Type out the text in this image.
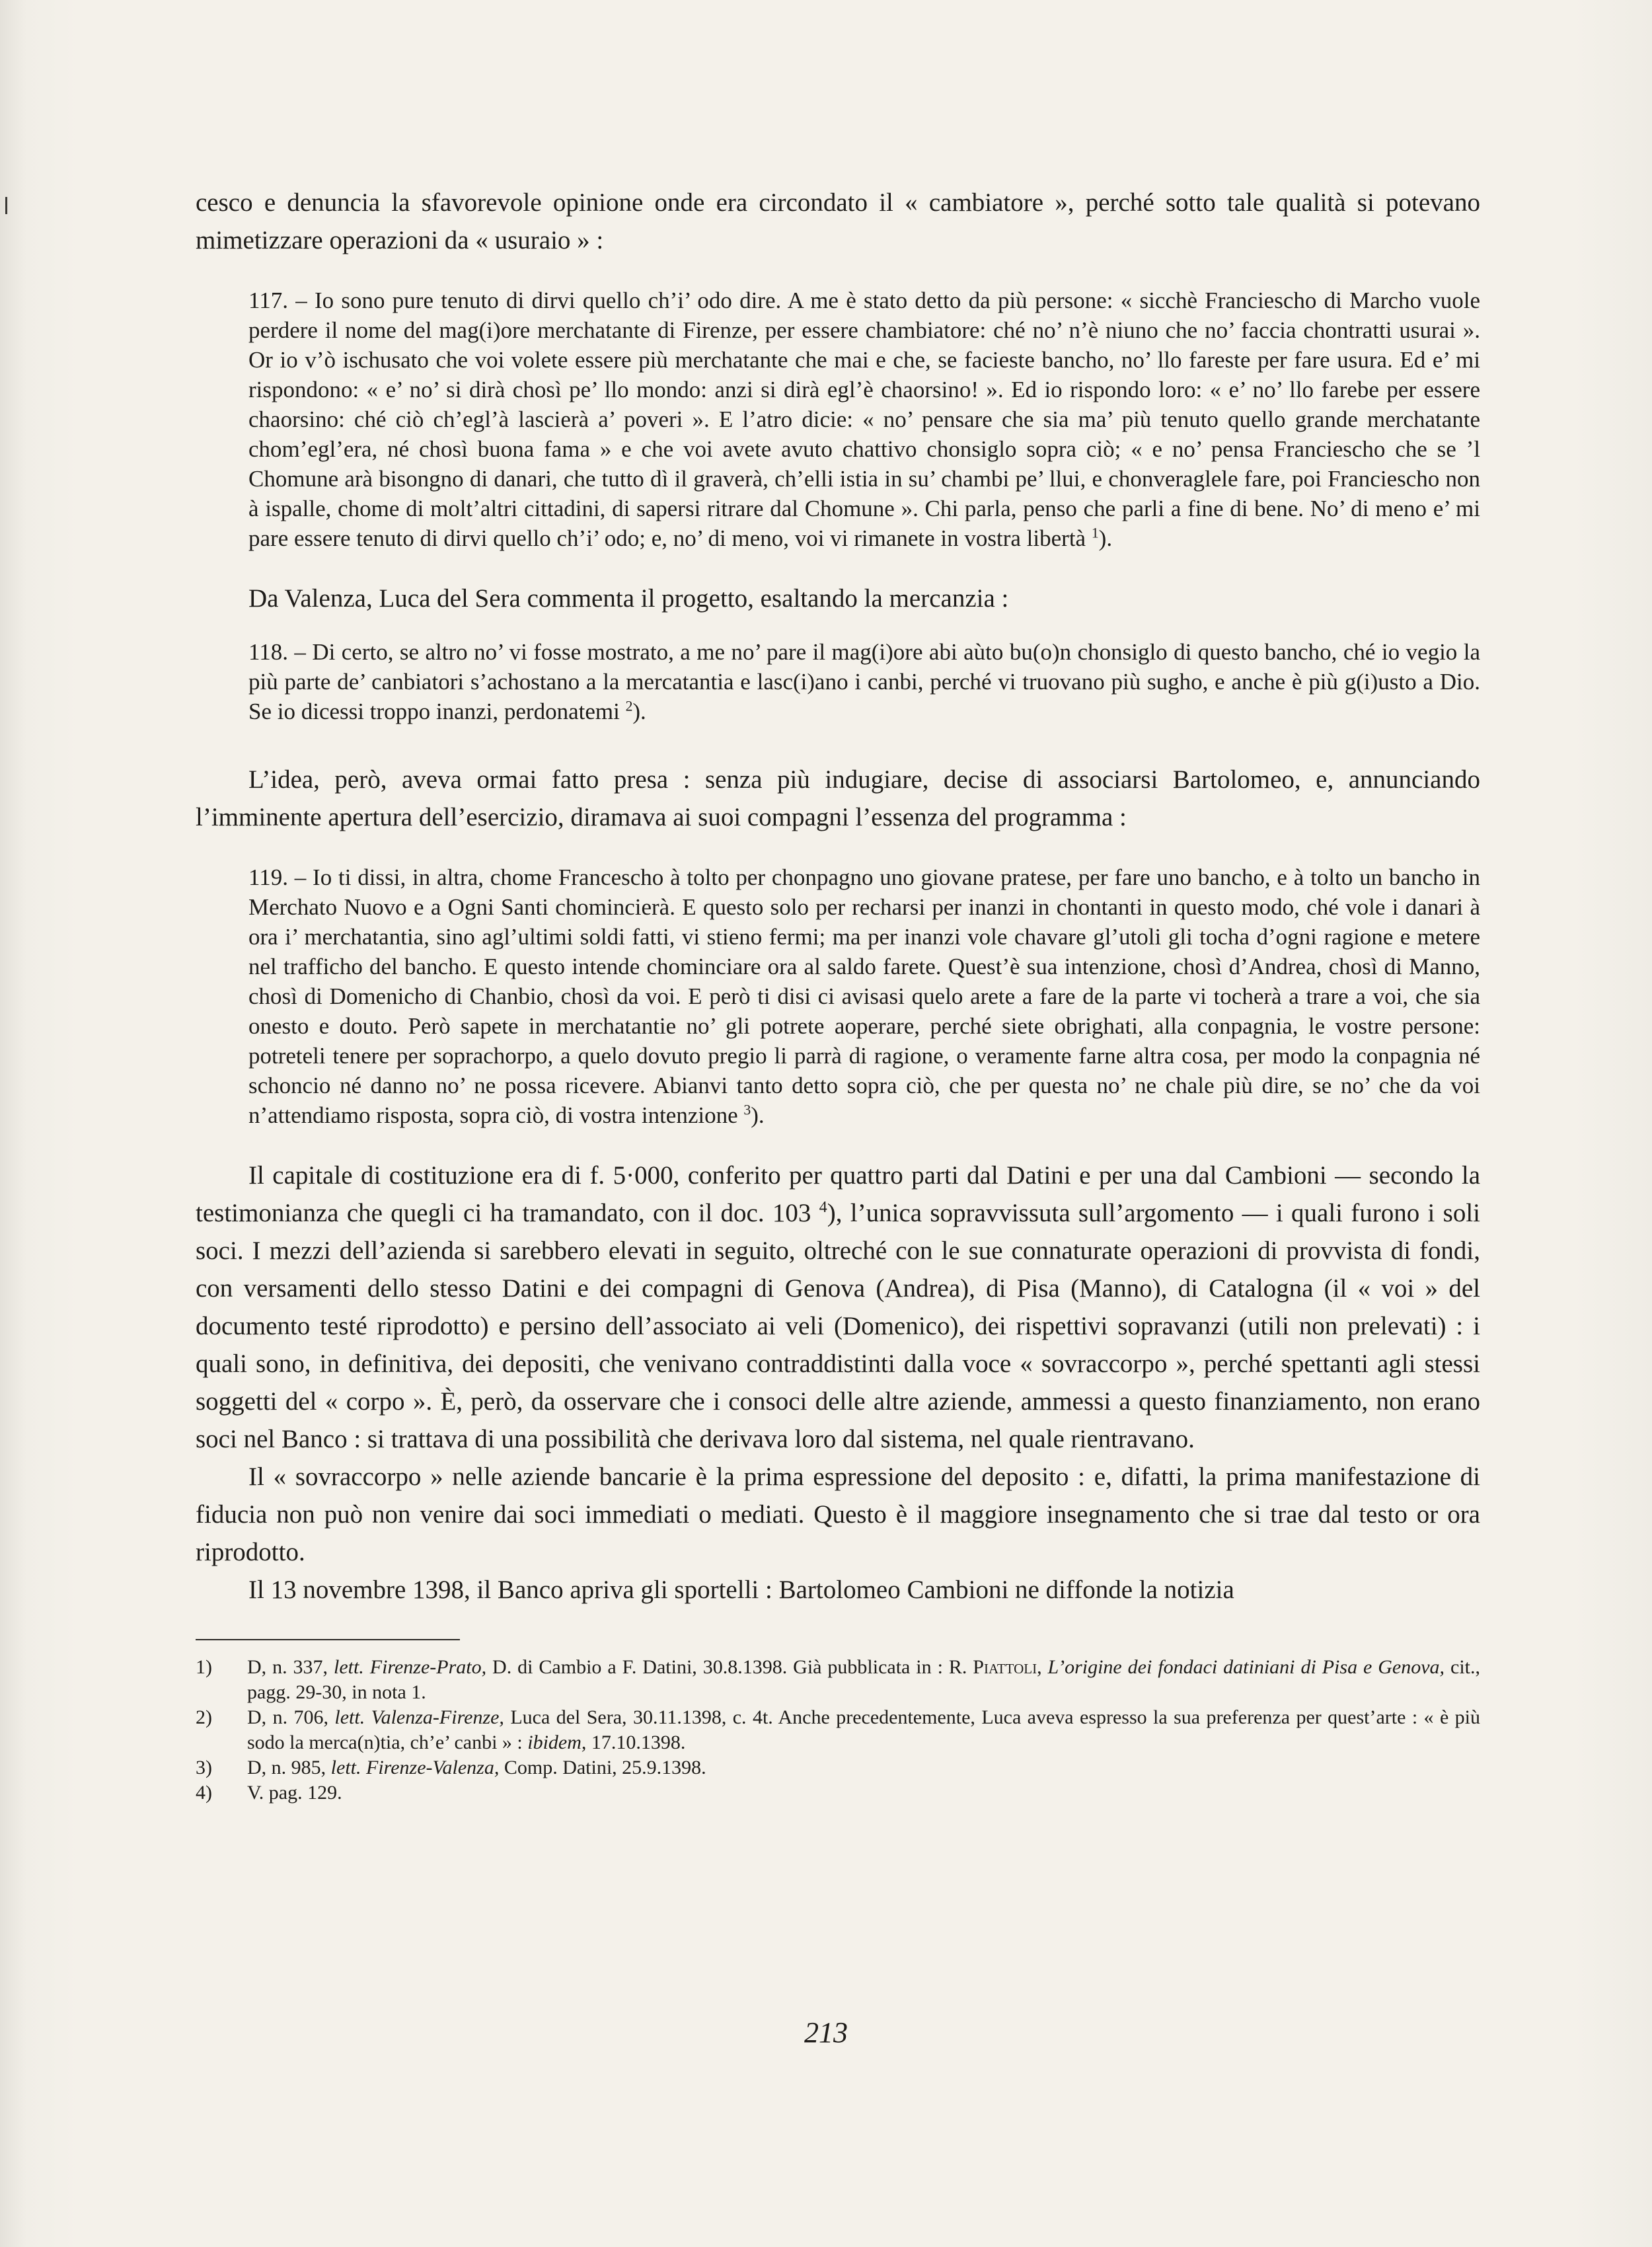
cesco e denuncia la sfavorevole opinione onde era circondato il « cambiatore », perché sotto tale qualità si potevano mimetizzare operazioni da « usuraio » :

117. – Io sono pure tenuto di dirvi quello ch’i’ odo dire. A me è stato detto da più persone: « sicchè Franciescho di Marcho vuole perdere il nome del mag(i)ore merchatante di Firenze, per essere chambiatore: ché no’ n’è niuno che no’ faccia chontratti usurai ». Or io v’ò ischusato che voi volete essere più merchatante che mai e che, se facieste bancho, no’ llo fareste per fare usura. Ed e’ mi rispondono: « e’ no’ si dirà chosì pe’ llo mondo: anzi si dirà egl’è chaorsino! ». Ed io rispondo loro: « e’ no’ llo farebe per essere chaorsino: ché ciò ch’egl’à lascierà a’ poveri ». E l’atro dicie: « no’ pensare che sia ma’ più tenuto quello grande merchatante chom’egl’era, né chosì buona fama » e che voi avete avuto chattivo chonsiglo sopra ciò; « e no’ pensa Franciescho che se ’l Chomune arà bisongno di danari, che tutto dì il graverà, ch’elli istia in su’ chambi pe’ llui, e chonveraglele fare, poi Franciescho non à ispalle, chome di molt’altri cittadini, di sapersi ritrare dal Chomune ». Chi parla, penso che parli a fine di bene. No’ di meno e’ mi pare essere tenuto di dirvi quello ch’i’ odo; e, no’ di meno, voi vi rimanete in vostra libertà $^1$).

Da Valenza, Luca del Sera commenta il progetto, esaltando la mercanzia :

118. – Di certo, se altro no’ vi fosse mostrato, a me no’ pare il mag(i)ore abi aùto bu(o)n chonsiglo di questo bancho, ché io vegio la più parte de’ canbiatori s’achostano a la mercatantia e lasc(i)ano i canbi, perché vi truovano più sugho, e anche è più g(i)usto a Dio. Se io dicessi troppo inanzi, perdonatemi $^2$).

L’idea, però, aveva ormai fatto presa : senza più indugiare, decise di associarsi Bartolomeo, e, annunciando l’imminente apertura dell’esercizio, diramava ai suoi compagni l’essenza del programma :

119. – Io ti dissi, in altra, chome Francescho à tolto per chonpagno uno giovane pratese, per fare uno bancho, e à tolto un bancho in Merchato Nuovo e a Ogni Santi chomincierà. E questo solo per recharsi per inanzi in chontanti in questo modo, ché vole i danari à ora i’ merchatantia, sino agl’ultimi soldi fatti, vi stieno fermi; ma per inanzi vole chavare gl’utoli gli tocha d’ogni ragione e metere nel trafficho del bancho. E questo intende chominciare ora al saldo farete. Quest’è sua intenzione, chosì d’Andrea, chosì di Manno, chosì di Domenicho di Chanbio, chosì da voi. E però ti disi ci avisasi quelo arete a fare de la parte vi tocherà a trare a voi, che sia onesto e douto. Però sapete in merchatantie no’ gli potrete aoperare, perché siete obrighati, alla conpagnia, le vostre persone: potreteli tenere per soprachorpo, a quelo dovuto pregio li parrà di ragione, o veramente farne altra cosa, per modo la conpagnia né schoncio né danno no’ ne possa ricevere. Abianvi tanto detto sopra ciò, che per questa no’ ne chale più dire, se no’ che da voi n’attendiamo risposta, sopra ciò, di vostra intenzione $^3$).

Il capitale di costituzione era di f. 5·000, conferito per quattro parti dal Datini e per una dal Cambioni — secondo la testimonianza che quegli ci ha tramandato, con il doc. 103 $^4$), l’unica sopravvissuta sull’argomento — i quali furono i soli soci. I mezzi dell’azienda si sarebbero elevati in seguito, oltreché con le sue connaturate operazioni di provvista di fondi, con versamenti dello stesso Datini e dei compagni di Genova (Andrea), di Pisa (Manno), di Catalogna (il « voi » del documento testé riprodotto) e persino dell’associato ai veli (Domenico), dei rispettivi sopravanzi (utili non prelevati) : i quali sono, in definitiva, dei depositi, che venivano contraddistinti dalla voce « sovraccorpo », perché spettanti agli stessi soggetti del « corpo ». È, però, da osservare che i consoci delle altre aziende, ammessi a questo finanziamento, non erano soci nel Banco : si trattava di una possibilità che derivava loro dal sistema, nel quale rientravano.

Il « sovraccorpo » nelle aziende bancarie è la prima espressione del deposito : e, difatti, la prima manifestazione di fiducia non può non venire dai soci immediati o mediati. Questo è il maggiore insegnamento che si trae dal testo or ora riprodotto.

Il 13 novembre 1398, il Banco apriva gli sportelli : Bartolomeo Cambioni ne diffonde la notizia

1) D, n. 337, lett. Firenze-Prato, D. di Cambio a F. Datini, 30.8.1398. Già pubblicata in : R. Piattoli, L’origine dei fondaci datiniani di Pisa e Genova, cit., pagg. 29-30, in nota 1.

2) D, n. 706, lett. Valenza-Firenze, Luca del Sera, 30.11.1398, c. 4t. Anche precedentemente, Luca aveva espresso la sua preferenza per quest’arte : « è più sodo la merca(n)tia, ch’e’ canbi » : ibidem, 17.10.1398.

3) D, n. 985, lett. Firenze-Valenza, Comp. Datini, 25.9.1398.

4) V. pag. 129.

213
